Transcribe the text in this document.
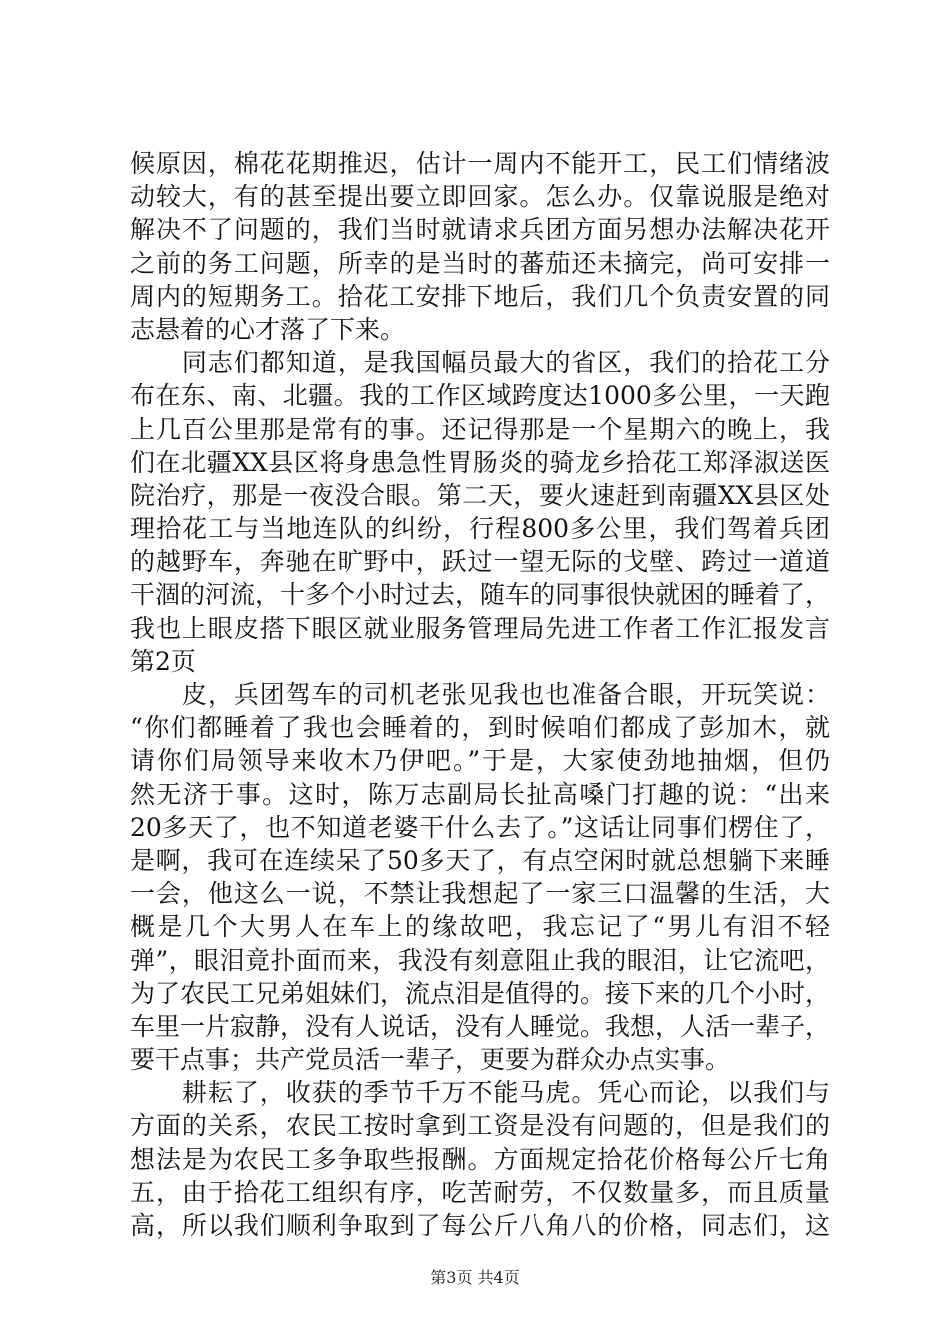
候原因，棉花花期推迟，估计一周内不能开工，民工们情绪波
动较大，有的甚至提出要立即回家。怎么办。仅靠说服是绝对
解决不了问题的，我们当时就请求兵团方面另想办法解决花开
之前的务工问题，所幸的是当时的蕃茄还未摘完，尚可安排一
周内的短期务工。拾花工安排下地后，我们几个负责安置的同
志悬着的心才落了下来。
　　同志们都知道，是我国幅员最大的省区，我们的拾花工分
布在东、南、北疆。我的工作区域跨度达1000多公里，一天跑
上几百公里那是常有的事。还记得那是一个星期六的晚上，我
们在北疆XX县区将身患急性胃肠炎的骑龙乡拾花工郑泽淑送医
院治疗，那是一夜没合眼。第二天，要火速赶到南疆XX县区处
理拾花工与当地连队的纠纷，行程800多公里，我们驾着兵团
的越野车，奔驰在旷野中，跃过一望无际的戈壁、跨过一道道
干涸的河流，十多个小时过去，随车的同事很快就困的睡着了，
我也上眼皮搭下眼区就业服务管理局先进工作者工作汇报发言
第2页
　　皮，兵团驾车的司机老张见我也也准备合眼，开玩笑说：
“你们都睡着了我也会睡着的，到时候咱们都成了彭加木，就
请你们局领导来收木乃伊吧。”于是，大家使劲地抽烟，但仍
然无济于事。这时，陈万志副局长扯高嗓门打趣的说：“出来
20多天了，也不知道老婆干什么去了。”这话让同事们楞住了，
是啊，我可在连续呆了50多天了，有点空闲时就总想躺下来睡
一会，他这么一说，不禁让我想起了一家三口温馨的生活，大
概是几个大男人在车上的缘故吧，我忘记了“男儿有泪不轻
弹”，眼泪竟扑面而来，我没有刻意阻止我的眼泪，让它流吧，
为了农民工兄弟姐妹们，流点泪是值得的。接下来的几个小时，
车里一片寂静，没有人说话，没有人睡觉。我想，人活一辈子，
要干点事；共产党员活一辈子，更要为群众办点实事。
　　耕耘了，收获的季节千万不能马虎。凭心而论，以我们与
方面的关系，农民工按时拿到工资是没有问题的，但是我们的
想法是为农民工多争取些报酬。方面规定拾花价格每公斤七角
五，由于拾花工组织有序，吃苦耐劳，不仅数量多，而且质量
高，所以我们顺利争取到了每公斤八角八的价格，同志们，这
第3页 共4页
